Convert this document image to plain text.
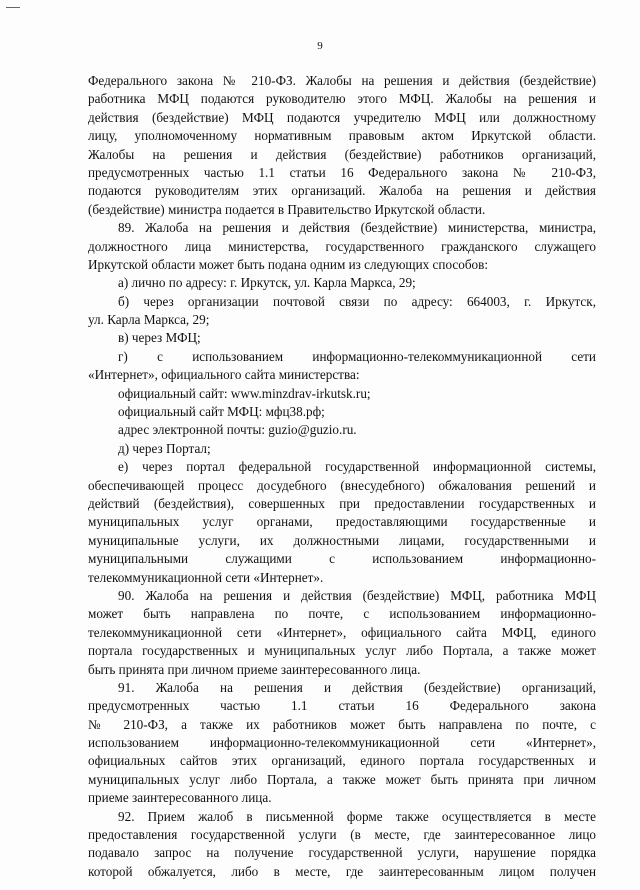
9
Федерального закона № 210-ФЗ. Жалобы на решения и действия (бездействие)
работника МФЦ подаются руководителю этого МФЦ. Жалобы на решения и
действия (бездействие) МФЦ подаются учредителю МФЦ или должностному
лицу, уполномоченному нормативным правовым актом Иркутской области.
Жалобы на решения и действия (бездействие) работников организаций,
предусмотренных частью 1.1 статьи 16 Федерального закона № 210-ФЗ,
подаются руководителям этих организаций. Жалоба на решения и действия
(бездействие) министра подается в Правительство Иркутской области.
89. Жалоба на решения и действия (бездействие) министерства, министра,
должностного лица министерства, государственного гражданского служащего
Иркутской области может быть подана одним из следующих способов:
а) лично по адресу: г. Иркутск, ул. Карла Маркса, 29;
б) через организации почтовой связи по адресу: 664003, г. Иркутск,
ул. Карла Маркса, 29;
в) через МФЦ;
г) с использованием информационно-телекоммуникационной сети
«Интернет», официального сайта министерства:
официальный сайт: www.minzdrav-irkutsk.ru;
официальный сайт МФЦ: мфц38.рф;
адрес электронной почты: guzio@guzio.ru.
д) через Портал;
е) через портал федеральной государственной информационной системы,
обеспечивающей процесс досудебного (внесудебного) обжалования решений и
действий (бездействия), совершенных при предоставлении государственных и
муниципальных услуг органами, предоставляющими государственные и
муниципальные услуги, их должностными лицами, государственными и
муниципальными служащими с использованием информационно-
телекоммуникационной сети «Интернет».
90. Жалоба на решения и действия (бездействие) МФЦ, работника МФЦ
может быть направлена по почте, с использованием информационно-
телекоммуникационной сети «Интернет», официального сайта МФЦ, единого
портала государственных и муниципальных услуг либо Портала, а также может
быть принята при личном приеме заинтересованного лица.
91. Жалоба на решения и действия (бездействие) организаций,
предусмотренных частью 1.1 статьи 16 Федерального закона
№ 210-ФЗ, а также их работников может быть направлена по почте, с
использованием информационно-телекоммуникационной сети «Интернет»,
официальных сайтов этих организаций, единого портала государственных и
муниципальных услуг либо Портала, а также может быть принята при личном
приеме заинтересованного лица.
92. Прием жалоб в письменной форме также осуществляется в месте
предоставления государственной услуги (в месте, где заинтересованное лицо
подавало запрос на получение государственной услуги, нарушение порядка
которой обжалуется, либо в месте, где заинтересованным лицом получен
